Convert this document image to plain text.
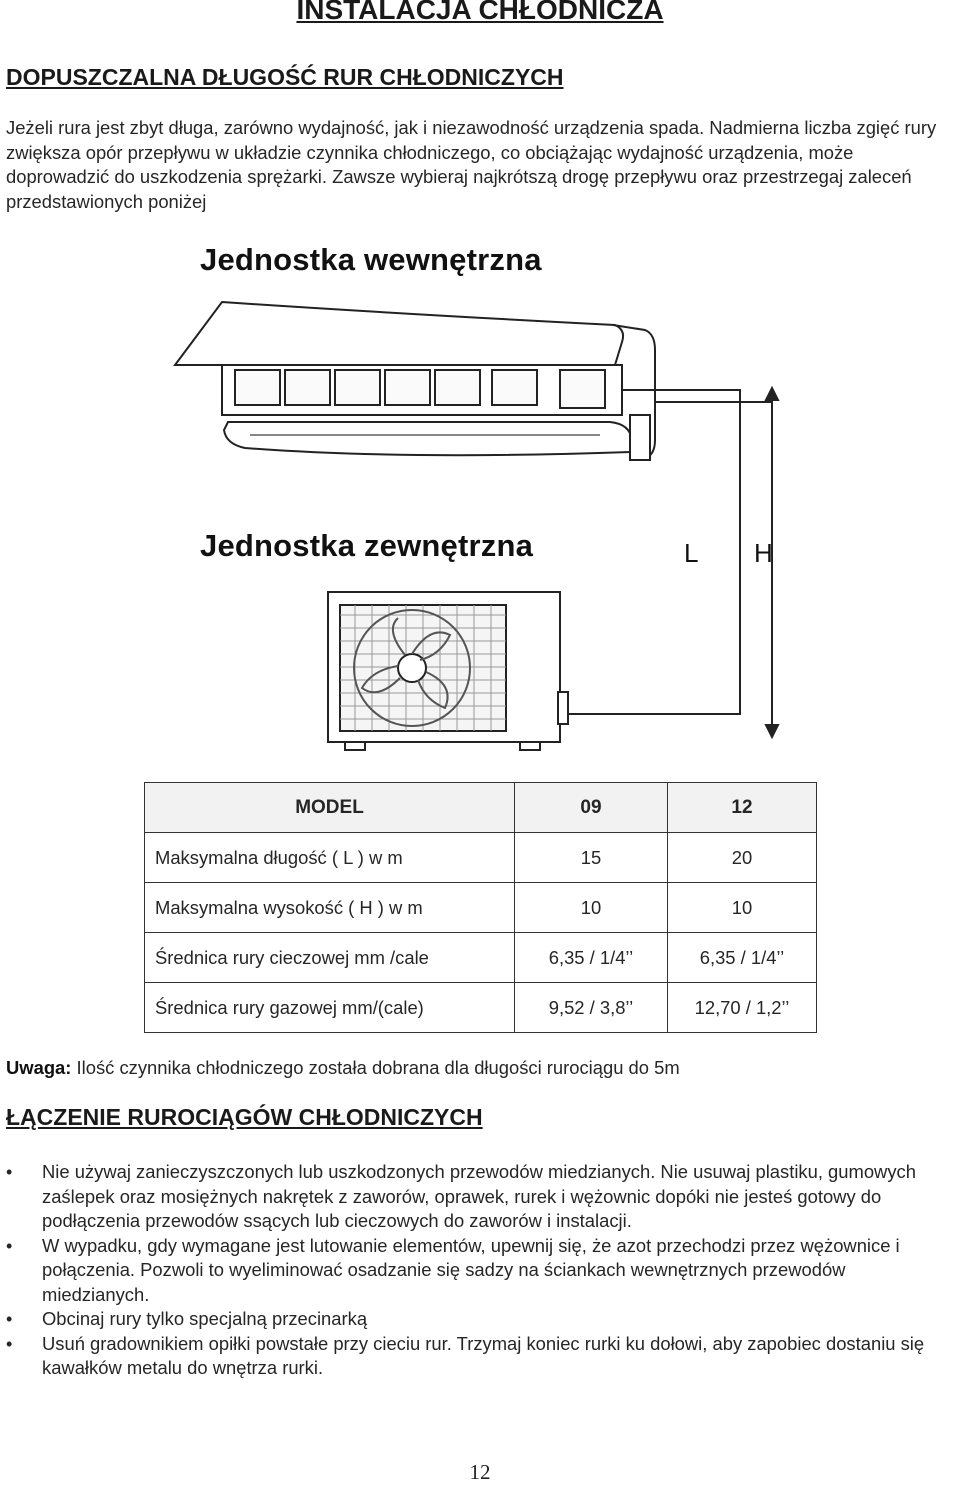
INSTALACJA CHŁODNICZA
DOPUSZCZALNA DŁUGOŚĆ RUR CHŁODNICZYCH

Jeżeli rura jest zbyt długa, zarówno wydajność, jak i niezawodność urządzenia spada. Nadmierna liczba zgięć rury zwiększa opór przepływu w układzie czynnika chłodniczego, co obciążając wydajność urządzenia, może doprowadzić do uszkodzenia sprężarki. Zawsze wybieraj najkrótszą drogę przepływu oraz przestrzegaj zaleceń przedstawionych poniżej

Jednostka wewnętrzna
Jednostka zewnętrzna	L H
MODEL	09	12
Maksymalna długość ( L ) w m	15	20
Maksymalna wysokość ( H ) w m	10	10
Średnica rury cieczowej mm /cale	6,35 / 1/4’’	6,35 / 1/4’’
Średnica rury gazowej mm/(cale)	9,52 / 3,8’’	12,70 / 1,2’’

Uwaga: Ilość czynnika chłodniczego została dobrana dla długości rurociągu do 5m

ŁĄCZENIE RUROCIĄGÓW CHŁODNICZYCH
• Nie używaj zanieczyszczonych lub uszkodzonych przewodów miedzianych. Nie usuwaj plastiku, gumowych zaślepek oraz mosiężnych nakrętek z zaworów, oprawek, rurek i wężownic dopóki nie jesteś gotowy do podłączenia przewodów ssących lub cieczowych do zaworów i instalacji.
• W wypadku, gdy wymagane jest lutowanie elementów, upewnij się, że azot przechodzi przez wężownice i połączenia. Pozwoli to wyeliminować osadzanie się sadzy na ściankach wewnętrznych przewodów miedzianych.
• Obcinaj rury tylko specjalną przecinarką
• Usuń gradownikiem opiłki powstałe przy cieciu rur. Trzymaj koniec rurki ku dołowi, aby zapobiec dostaniu się kawałków metalu do wnętrza rurki.
12
